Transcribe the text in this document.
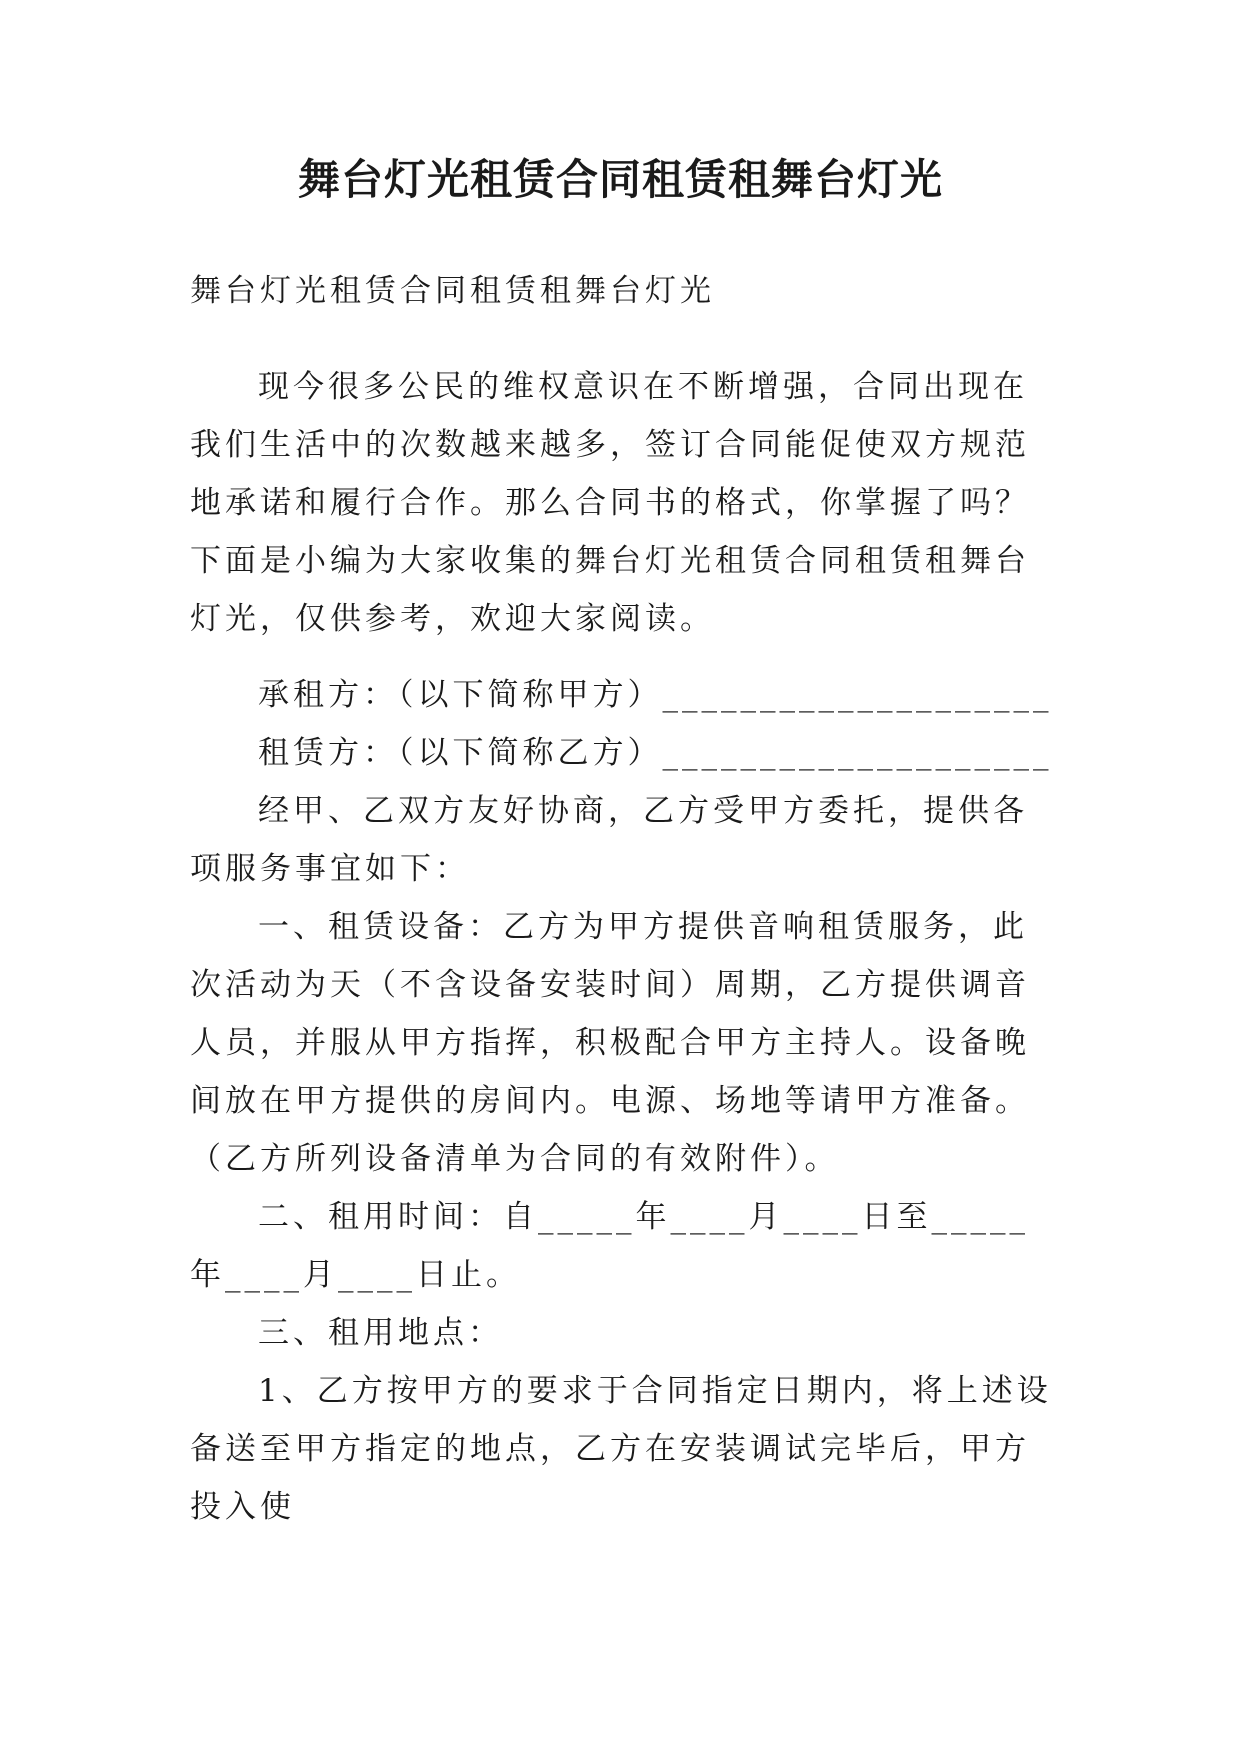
舞台灯光租赁合同租赁租舞台灯光

舞台灯光租赁合同租赁租舞台灯光

现今很多公民的维权意识在不断增强，合同出现在我们生活中的次数越来越多，签订合同能促使双方规范地承诺和履行合作。那么合同书的格式，你掌握了吗？下面是小编为大家收集的舞台灯光租赁合同租赁租舞台灯光，仅供参考，欢迎大家阅读。

承租方：（以下简称甲方）____________________

租赁方：（以下简称乙方）____________________

经甲、乙双方友好协商，乙方受甲方委托，提供各项服务事宜如下：

一、租赁设备：乙方为甲方提供音响租赁服务，此次活动为天（不含设备安装时间）周期，乙方提供调音人员，并服从甲方指挥，积极配合甲方主持人。设备晚间放在甲方提供的房间内。电源、场地等请甲方准备。（乙方所列设备清单为合同的有效附件）。

二、租用时间：自_____年____月____日至_____年____月____日止。

三、租用地点：

1、乙方按甲方的要求于合同指定日期内，将上述设备送至甲方指定的地点，乙方在安装调试完毕后，甲方投入使
